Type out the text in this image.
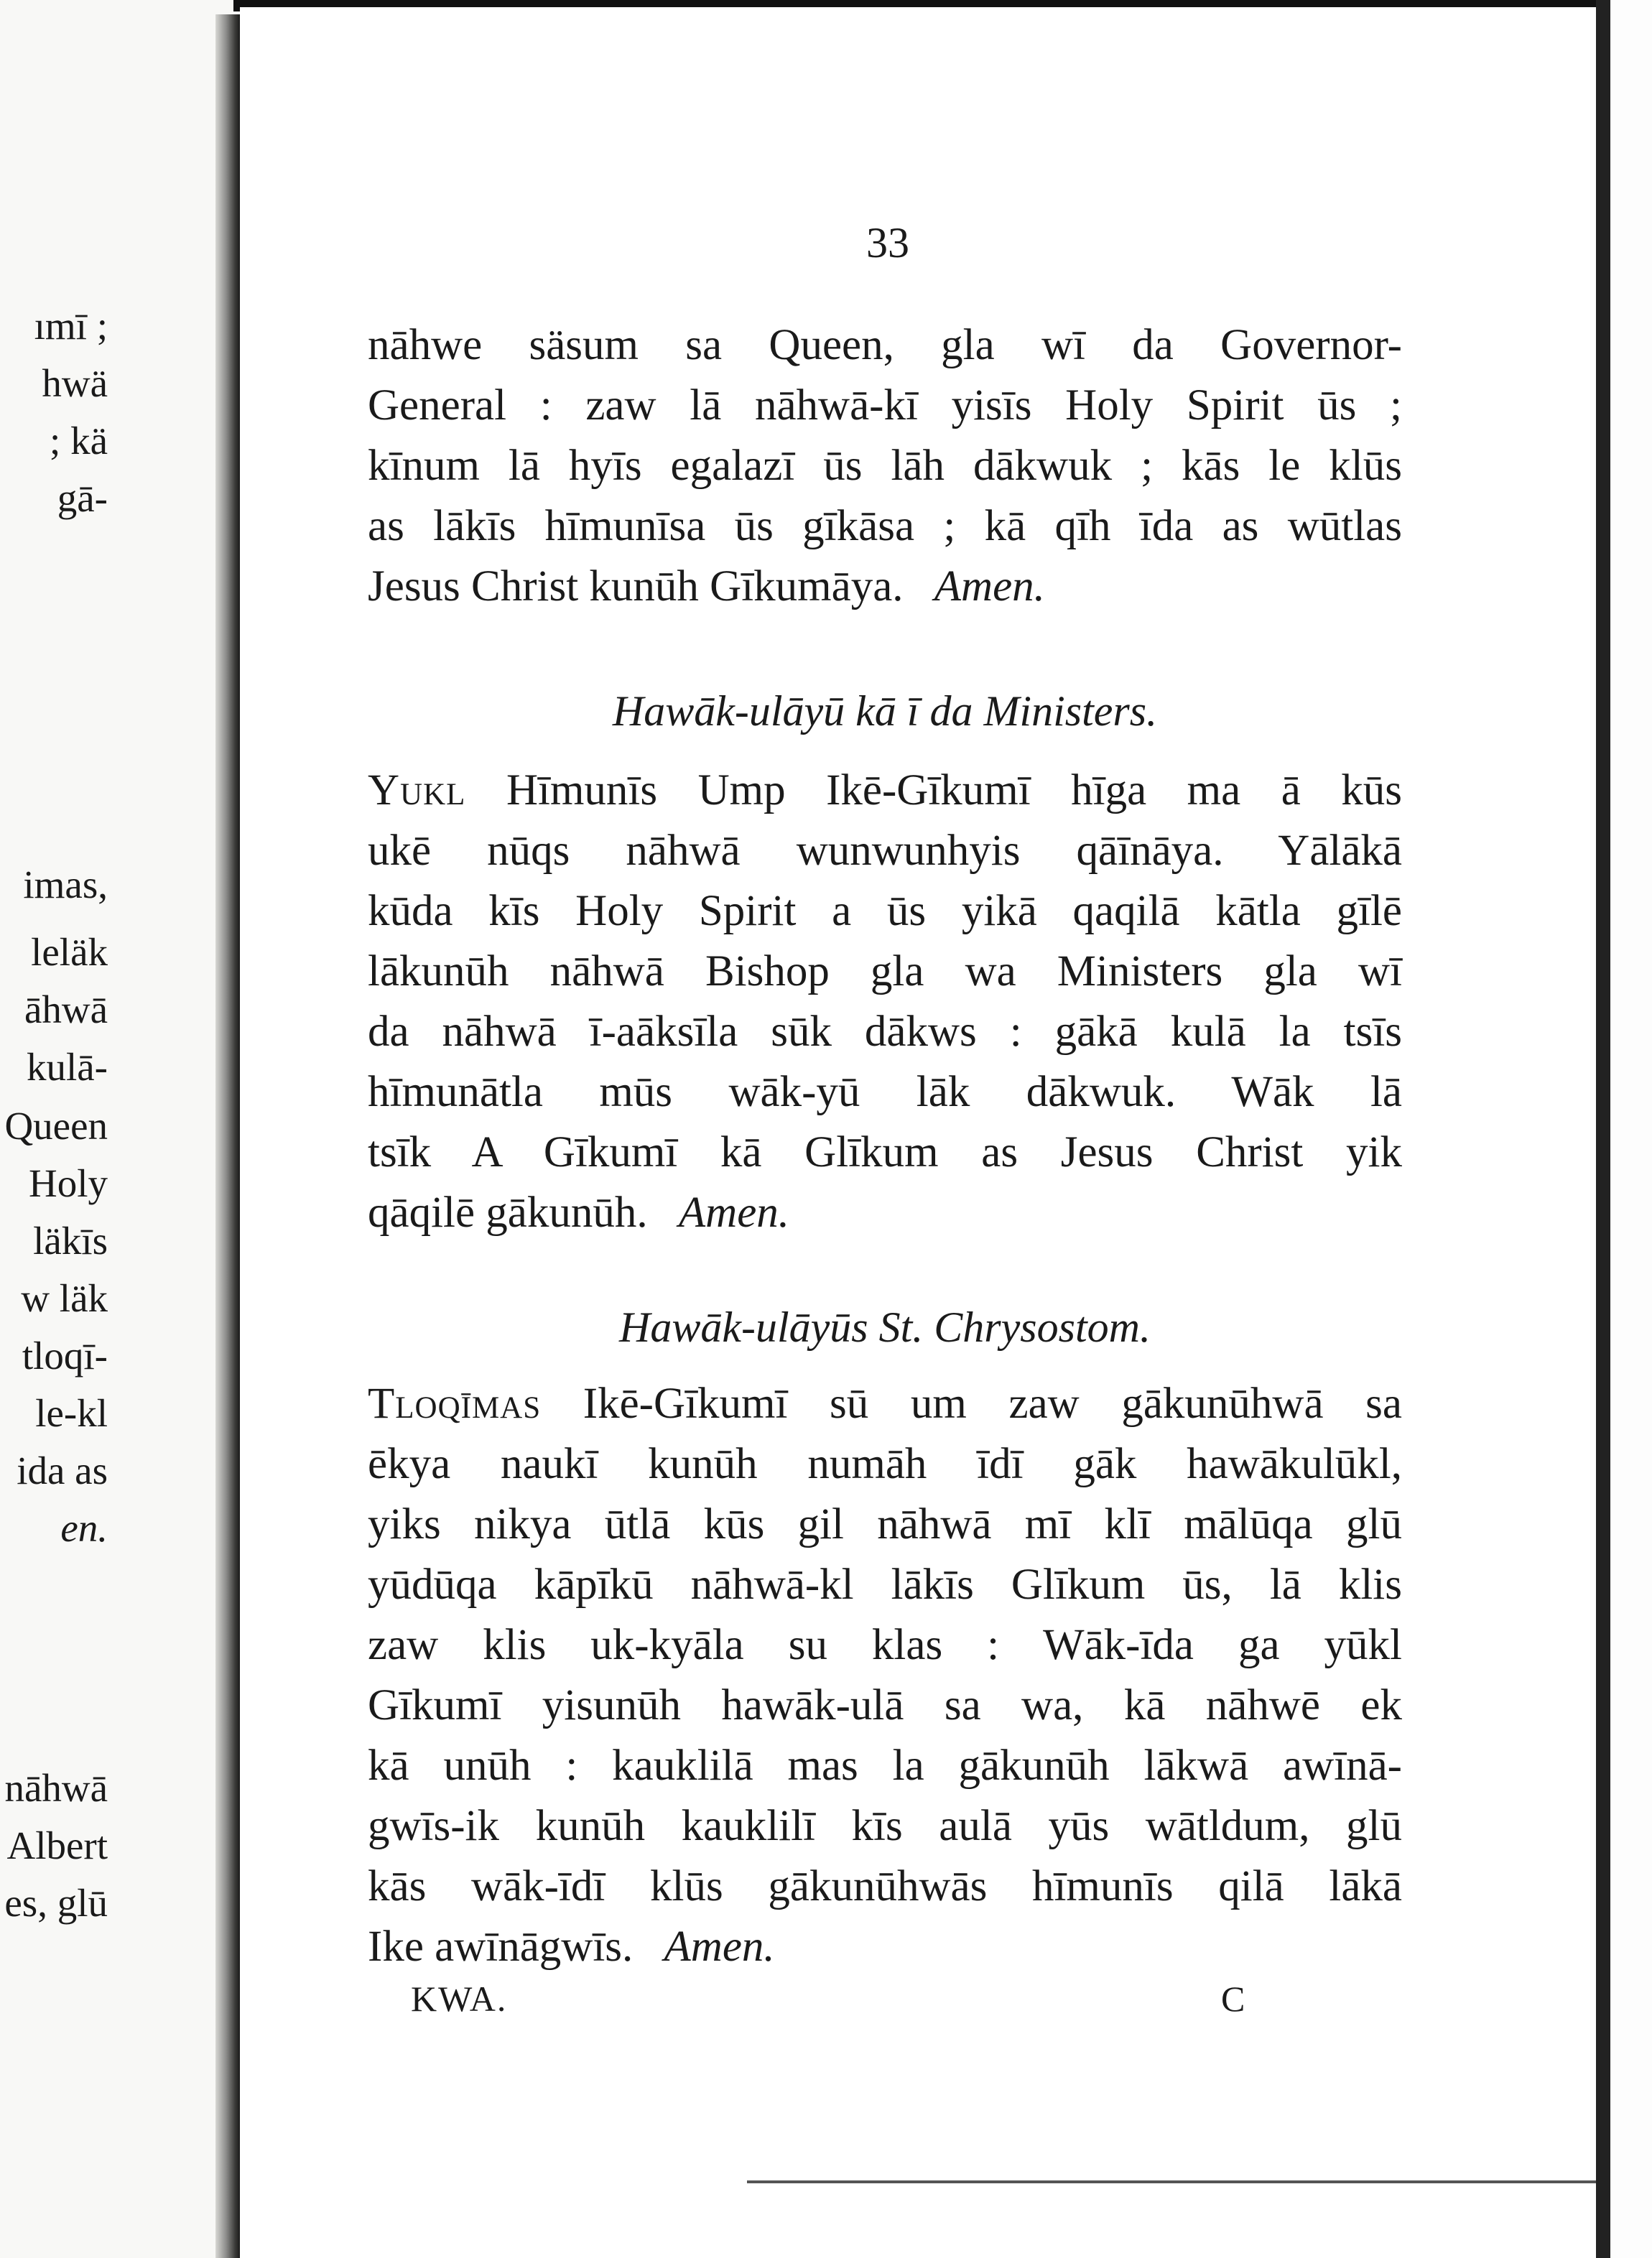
ımī ;
hwä
; kä
gā-
imas,
leläk
āhwā
kulā-
Queen
Holy
läkīs
w läk
tloqī-
le-kl
ida as
en.
nāhwā
Albert
es, glū
33
nāhwe säsum sa Queen, gla wī da Governor-
General : zaw lā nāhwā-kī yisīs Holy Spirit ūs ;
kīnum lā hyīs egalazī ūs lāh dākwuk ; kās le klūs
as lākīs hīmunīsa ūs gīkāsa ; kā qīh īda as wūtlas
Jesus Christ kunūh Gīkumāya. Amen.
Hawāk-ulāyū kā ī da Ministers.
Yukl Hīmunīs Ump Ikē-Gīkumī hīga ma ā kūs
ukē nūqs nāhwā wunwunhyis qāīnāya. Yālākā
kūda kīs Holy Spirit a ūs yikā qaqilā kātla gīlē
lākunūh nāhwā Bishop gla wa Ministers gla wī
da nāhwā ī-aāksīla sūk dākws : gākā kulā la tsīs
hīmunātla mūs wāk-yū lāk dākwuk. Wāk lā
tsīk A Gīkumī kā Glīkum as Jesus Christ yik
qāqilē gākunūh. Amen.
Hawāk-ulāyūs St. Chrysostom.
Tloqīmas Ikē-Gīkumī sū um zaw gākunūhwā sa
ēkya naukī kunūh numāh īdī gāk hawākulūkl,
yiks nikya ūtlā kūs gil nāhwā mī klī mālūqa glū
yūdūqa kāpīkū nāhwā-kl lākīs Glīkum ūs, lā klis
zaw klis uk-kyāla su klas : Wāk-īda ga yūkl
Gīkumī yisunūh hawāk-ulā sa wa, kā nāhwē ek
kā unūh : kauklilā mas la gākunūh lākwā awīnā-
gwīs-ik kunūh kauklilī kīs aulā yūs wātldum, glū
kās wāk-īdī klūs gākunūhwās hīmunīs qilā lākā
Ike awīnāgwīs. Amen.
KWA.	C
